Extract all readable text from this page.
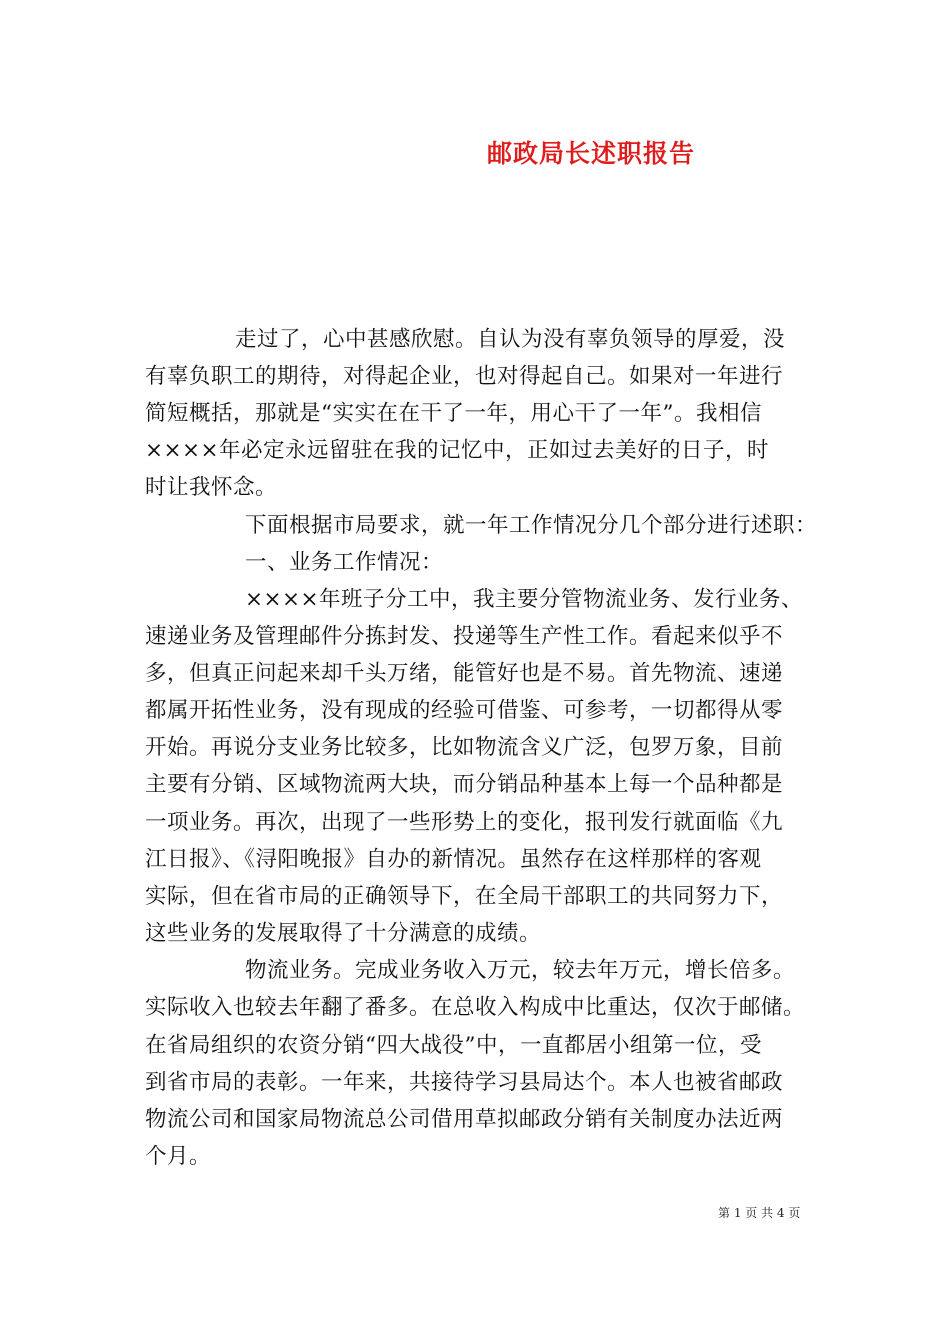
邮政局长述职报告
走过了，心中甚感欣慰。自认为没有辜负领导的厚爱，没
有辜负职工的期待，对得起企业，也对得起自己。如果对一年进行
简短概括，那就是“实实在在干了一年，用心干了一年”。我相信
××××年必定永远留驻在我的记忆中，正如过去美好的日子，时
时让我怀念。
下面根据市局要求，就一年工作情况分几个部分进行述职：
一、业务工作情况：
××××年班子分工中，我主要分管物流业务、发行业务、
速递业务及管理邮件分拣封发、投递等生产性工作。看起来似乎不
多，但真正问起来却千头万绪，能管好也是不易。首先物流、速递
都属开拓性业务，没有现成的经验可借鉴、可参考，一切都得从零
开始。再说分支业务比较多，比如物流含义广泛，包罗万象，目前
主要有分销、区域物流两大块，而分销品种基本上每一个品种都是
一项业务。再次，出现了一些形势上的变化，报刊发行就面临《九
江日报》、《浔阳晚报》自办的新情况。虽然存在这样那样的客观
实际，但在省市局的正确领导下，在全局干部职工的共同努力下，
这些业务的发展取得了十分满意的成绩。
物流业务。完成业务收入万元，较去年万元，增长倍多。
实际收入也较去年翻了番多。在总收入构成中比重达，仅次于邮储。
在省局组织的农资分销“四大战役”中，一直都居小组第一位，受
到省市局的表彰。一年来，共接待学习县局达个。本人也被省邮政
物流公司和国家局物流总公司借用草拟邮政分销有关制度办法近两
个月。
第 1 页 共 4 页
